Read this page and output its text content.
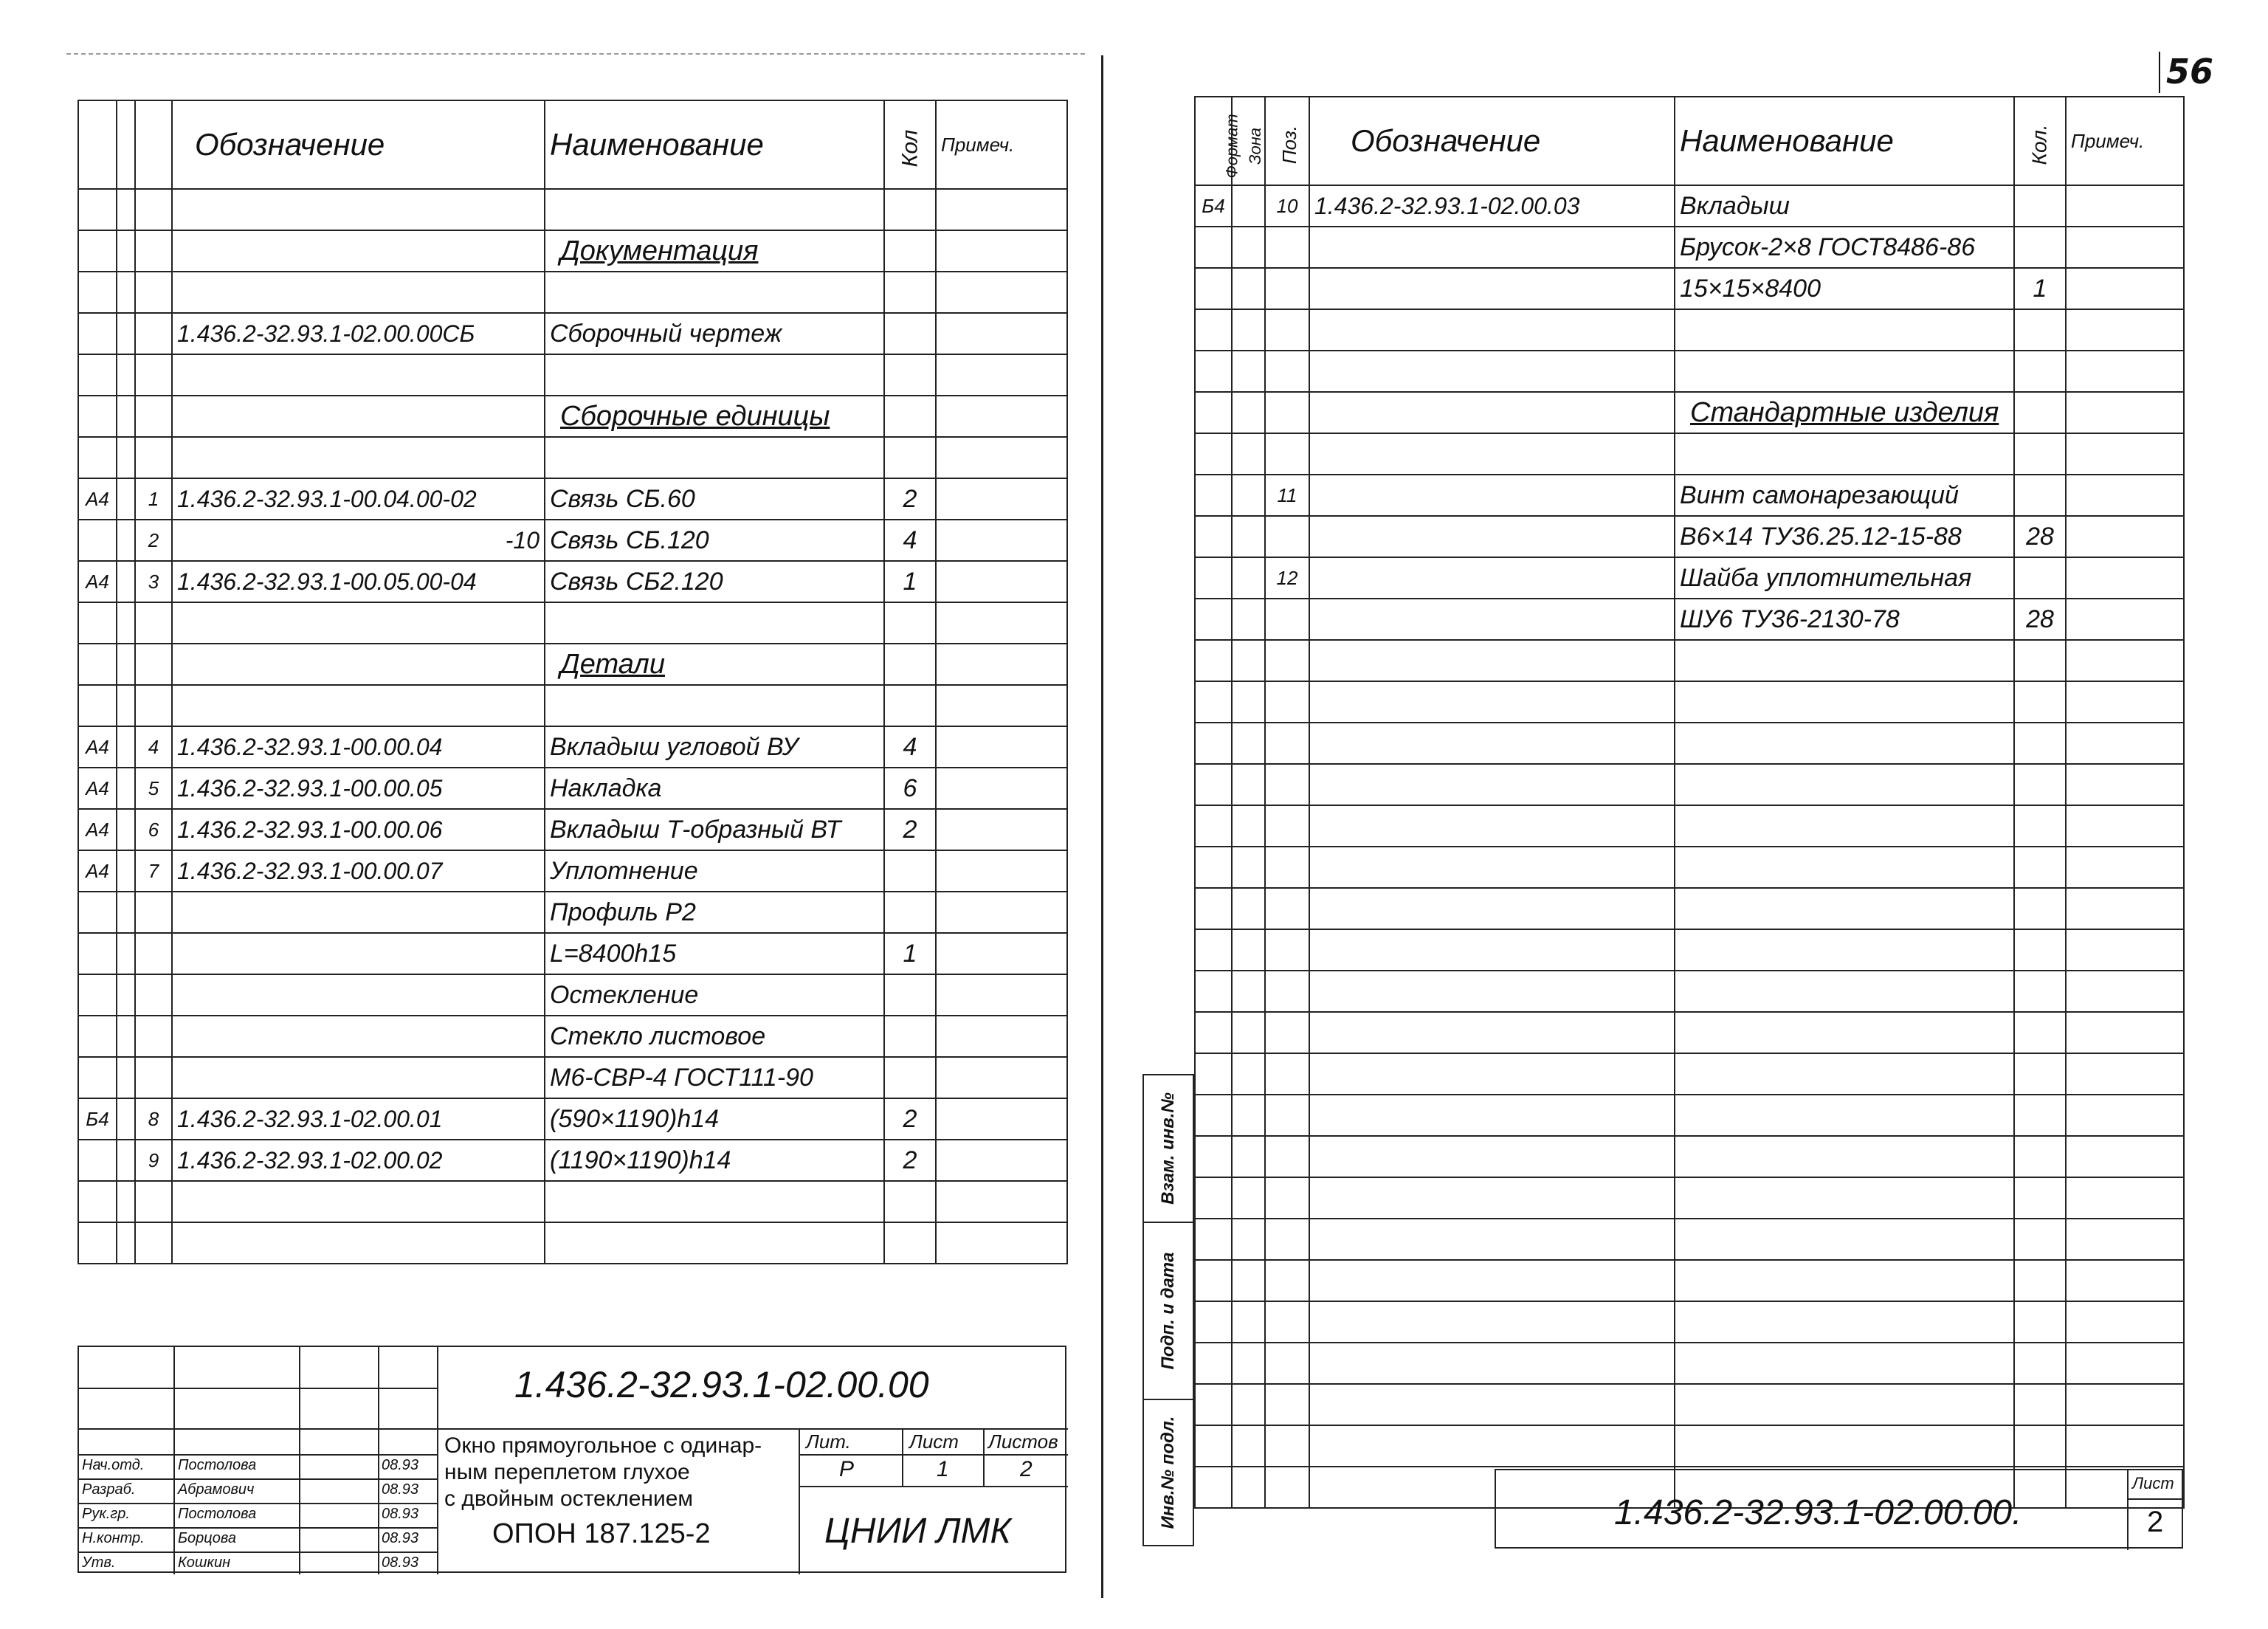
56
			Обозначение	Наименование	Кол	Примеч.

				Документация		

			1.436.2-32.93.1-02.00.00СБ	Сборочный чертеж		

				Сборочные единицы		

А4		1	1.436.2-32.93.1-00.04.00-02	Связь СБ.60	2	
		2	-10	Связь СБ.120	4	
А4		3	1.436.2-32.93.1-00.05.00-04	Связь СБ2.120	1	

				Детали		

А4		4	1.436.2-32.93.1-00.00.04	Вкладыш угловой ВУ	4	
А4		5	1.436.2-32.93.1-00.00.05	Накладка	6	
А4		6	1.436.2-32.93.1-00.00.06	Вкладыш Т-образный ВТ	2	
А4		7	1.436.2-32.93.1-00.00.07	Уплотнение		
				Профиль Р2		
				L=8400h15	1	
				Остекление		
				Стекло листовое		
				М6-СВР-4 ГОСТ111-90		
Б4		8	1.436.2-32.93.1-02.00.01	(590×1190)h14	2	
		9	1.436.2-32.93.1-02.00.02	(1190×1190)h14	2	

1.436.2-32.93.1-02.00.00
Лит.	Лист Листов
Р	1	2
ЦНИИ ЛМК
Окно прямоугольное с одинар-
ным переплетом глухое
с двойным остеклением
ОПОН 187.125-2
Нач.отд. Постолова	08.93
Разраб.	Абрамович	08.93
Рук.гр.	Постолова	08.93
Н.контр. Борцова	08.93
Утв.	Кошкин	08.93
Формат	Зона	Поз.	Обозначение	Наименование	Кол.	Примеч.
Б4		10	1.436.2-32.93.1-02.00.03	Вкладыш		
				Брусок-2×8 ГОСТ8486-86		
				15×15×8400	1	

				Стандартные изделия		

		11		Винт самонарезающий		
				В6×14 ТУ36.25.12-15-88	28	
		12		Шайба уплотнительная		
				ШУ6 ТУ36-2130-78	28	

Взам. инв.№
Подп. и дата
Инв.№ подл.	1.436.2-32.93.1-02.00.00.
Лист
2
